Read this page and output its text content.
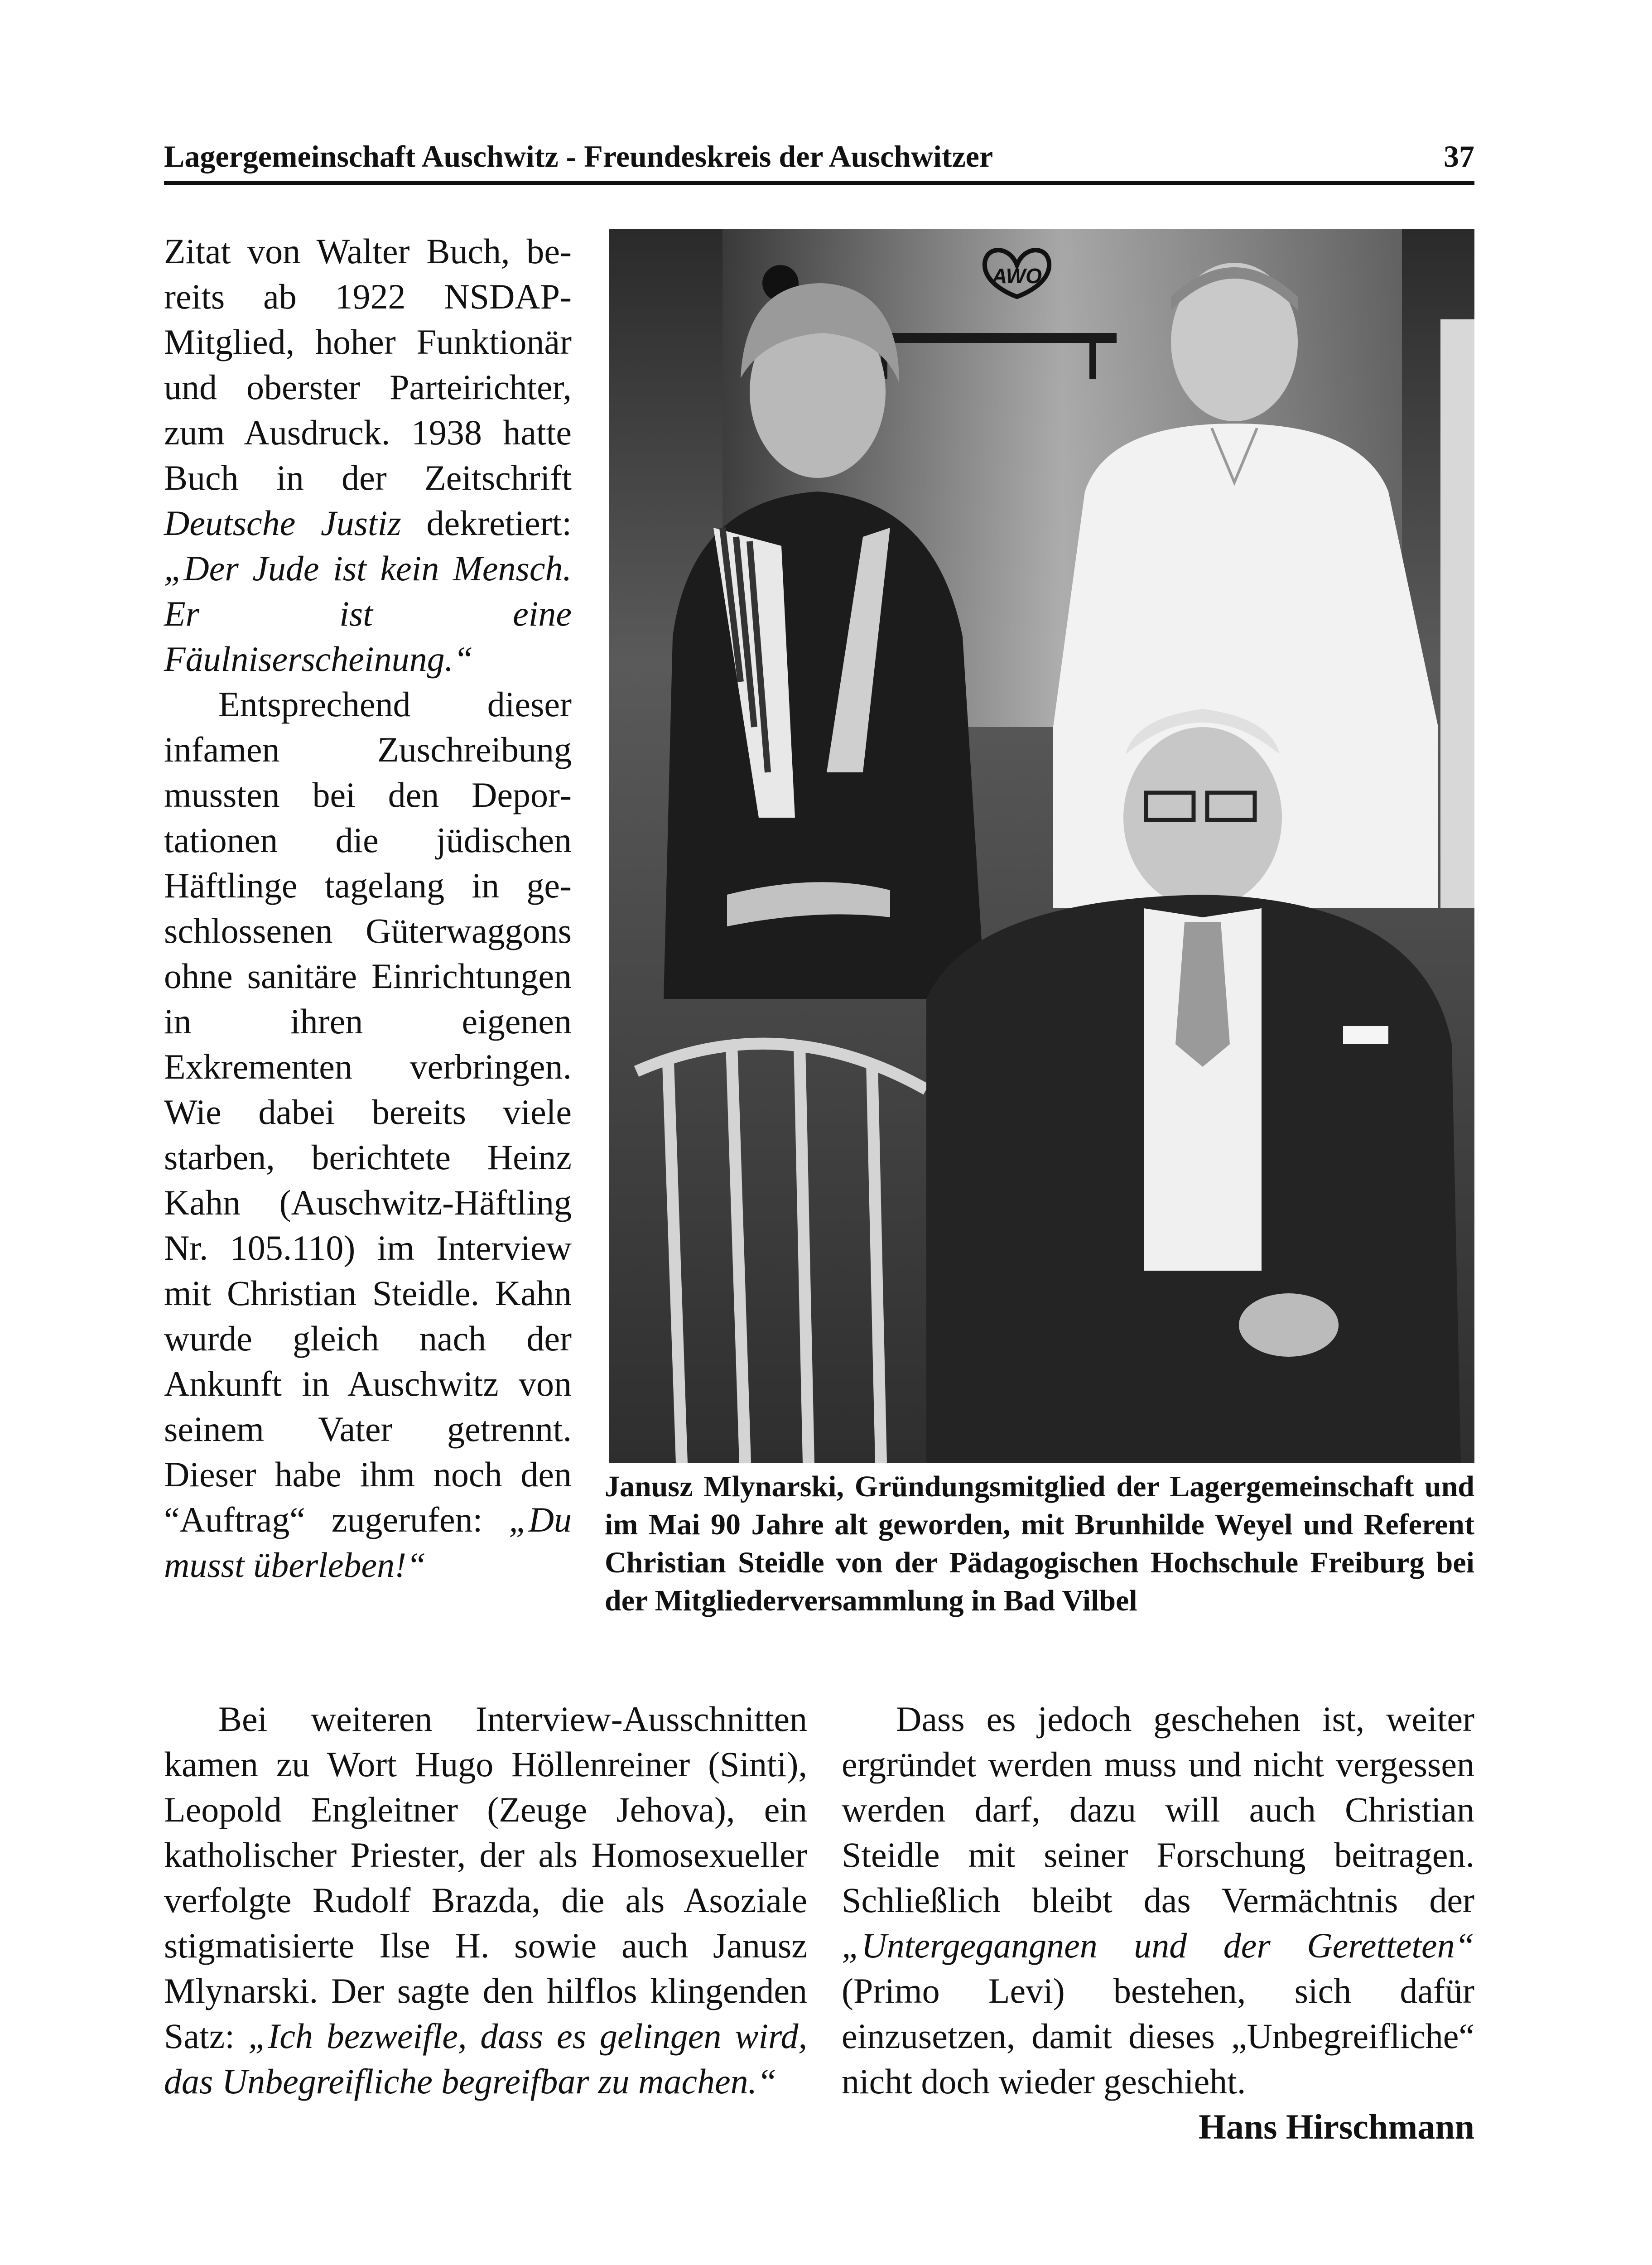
Lagergemeinschaft Auschwitz - Freundeskreis der Auschwitzer	37

Zitat von Walter Buch, bereits ab 1922 NSDAP-Mitglied, hoher Funktionär und oberster Parteirichter, zum Ausdruck. 1938 hatte Buch in der Zeitschrift Deutsche Justiz dekretiert: „Der Jude ist kein Mensch. Er ist eine Fäulniserscheinung.“

Entsprechend dieser infamen Zuschreibung mussten bei den Deportationen die jüdischen Häftlinge tagelang in geschlossenen Güterwaggons ohne sanitäre Einrichtungen in ihren eigenen Exkrementen verbringen. Wie dabei bereits viele starben, berichtete Heinz Kahn (Auschwitz-Häftling Nr. 105.110) im Interview mit Christian Steidle. Kahn wurde gleich nach der Ankunft in Auschwitz von seinem Vater getrennt. Dieser habe ihm noch den “Auftrag“ zugerufen: „Du musst überleben!“

AWO
Janusz Mlynarski, Gründungsmitglied der Lagergemeinschaft und im Mai 90 Jahre alt geworden, mit Brunhilde Weyel und Referent Christian Steidle von der Pädagogischen Hochschule Freiburg bei der Mitgliederversammlung in Bad Vilbel

Bei weiteren Interview-Ausschnitten kamen zu Wort Hugo Höllenreiner (Sinti), Leopold Engleitner (Zeuge Jehova), ein katholischer Priester, der als Homosexueller verfolgte Rudolf Brazda, die als Asoziale stigmatisierte Ilse H. sowie auch Janusz Mlynarski. Der sagte den hilflos klingenden Satz: „Ich bezweifle, dass es gelingen wird, das Unbegreifliche begreifbar zu machen.“

Dass es jedoch geschehen ist, weiter ergründet werden muss und nicht vergessen werden darf, dazu will auch Christian Steidle mit seiner Forschung beitragen. Schließlich bleibt das Vermächtnis der „Untergegangnen und der Geretteten“ (Primo Levi) bestehen, sich dafür einzusetzen, damit dieses „Unbegreifliche“ nicht doch wieder geschieht.

Hans Hirschmann
